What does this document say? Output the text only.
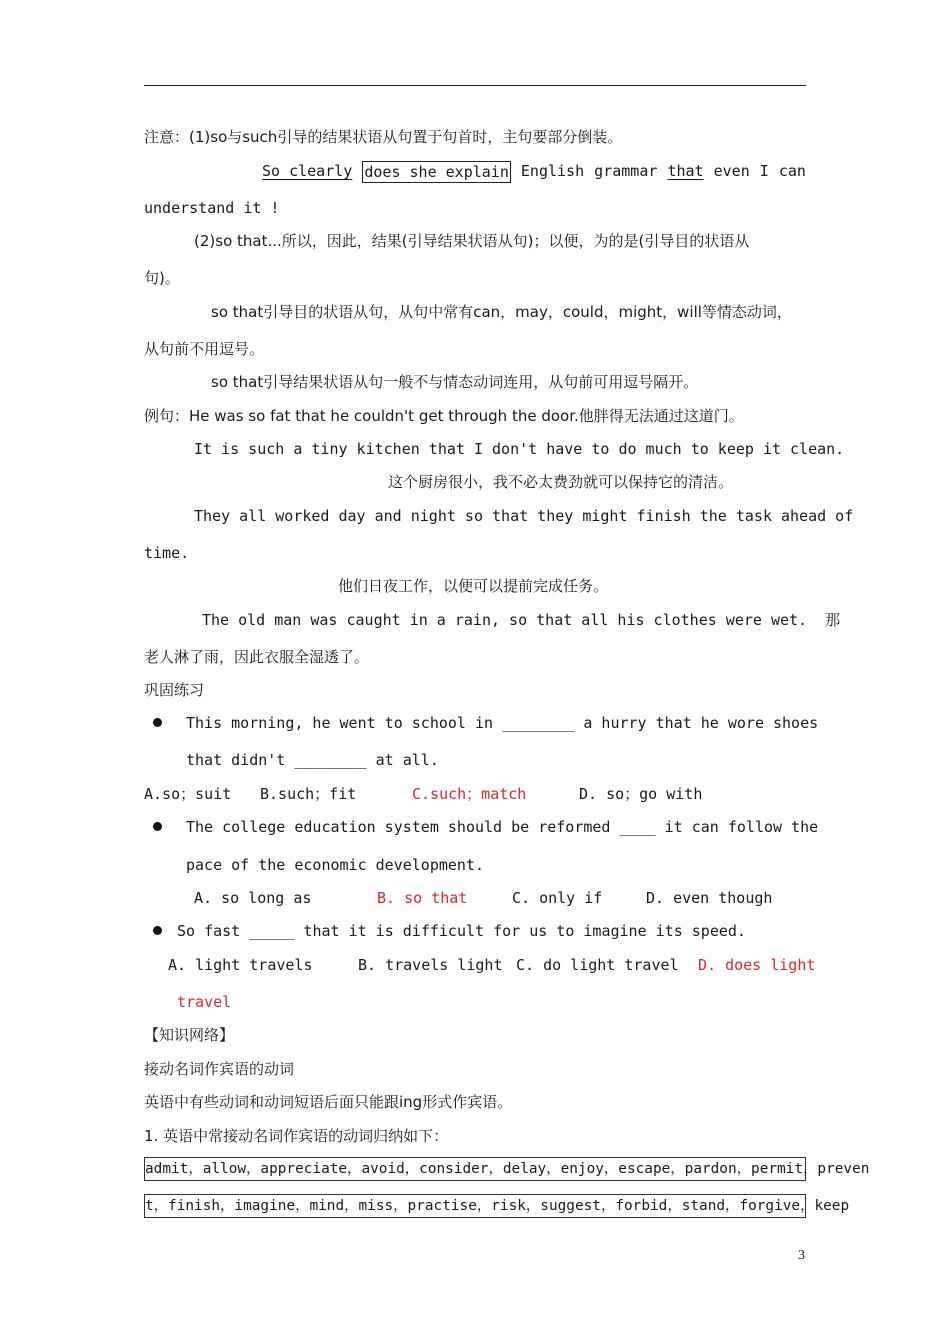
注意：(1)so与such引导的结果状语从句置于句首时，主句要部分倒装。
So clearly does she explain English grammar that even I can
understand it !
(2)so that...所以，因此，结果(引导结果状语从句)；以便，为的是(引导目的状语从
句)。
so that引导目的状语从句，从句中常有can，may，could，might，will等情态动词，
从句前不用逗号。
so that引导结果状语从句一般不与情态动词连用，从句前可用逗号隔开。
例句：He was so fat that he couldn't get through the door.他胖得无法通过这道门。
It is such a tiny kitchen that I don't have to do much to keep it clean.
这个厨房很小，我不必太费劲就可以保持它的清洁。
They all worked day and night so that they might finish the task ahead of
time.
他们日夜工作，以便可以提前完成任务。
The old man was caught in a rain, so that all his clothes were wet.  那
老人淋了雨，因此衣服全湿透了。
巩固练习
This morning, he went to school in ________ a hurry that he wore shoes
that didn't ________ at all.
A.so；suit B.such；fit	C.such；match	D. so；go with
The college education system should be reformed ____ it can follow the
pace of the economic development.
A. so long as	B. so that	C. only if	D. even though
So fast _____ that it is difficult for us to imagine its speed.
A. light travels	B. travels light C. do light travel D. does light
travel
【知识网络】
接动名词作宾语的动词
英语中有些动词和动词短语后面只能跟ing形式作宾语。
1. 英语中常接动名词作宾语的动词归纳如下：
admit，allow，appreciate，avoid，consider，delay，enjoy，escape，pardon，permit，preven
t，finish，imagine，mind，miss，practise，risk，suggest，forbid，stand，forgive，keep
3
